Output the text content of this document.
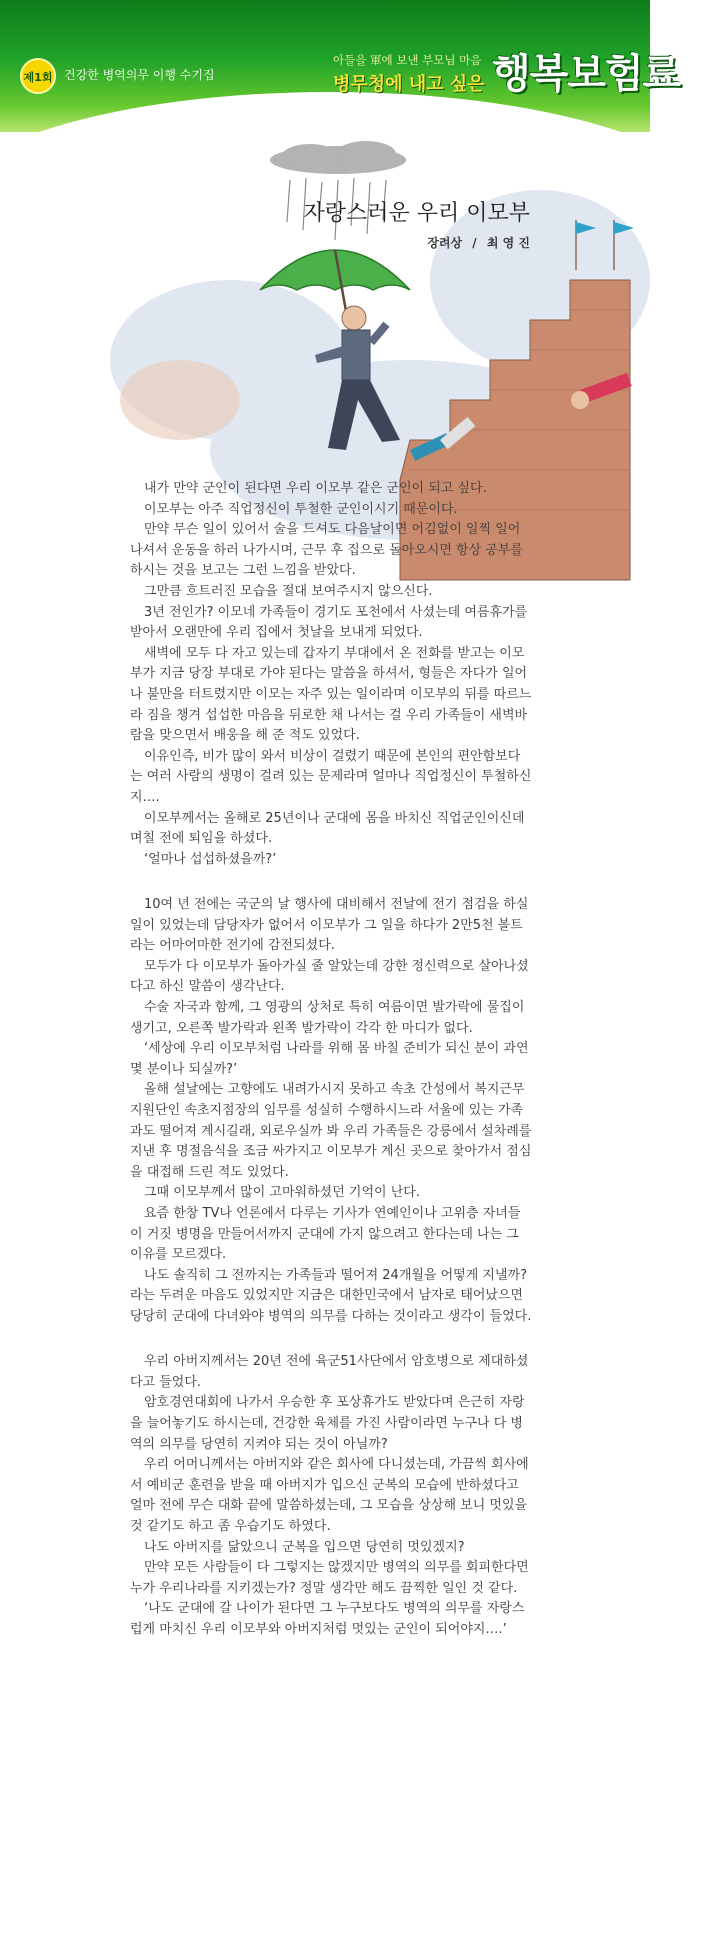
제1회 건강한 병역의무 이행 수기집
아들을 軍에 보낸 부모님 마음
병무청에 내고 싶은 행복보험료
자랑스러운 우리 이모부
장려상 / 최 영 진
내가 만약 군인이 된다면 우리 이모부 같은 군인이 되고 싶다.
이모부는 아주 직업정신이 투철한 군인이시기 때문이다.
만약 무슨 일이 있어서 술을 드셔도 다음날이면 어김없이 일찍 일어
나셔서 운동을 하러 나가시며, 근무 후 집으로 돌아오시면 항상 공부를
하시는 것을 보고는 그런 느낌을 받았다.
그만큼 흐트러진 모습을 절대 보여주시지 않으신다.
3년 전인가? 이모네 가족들이 경기도 포천에서 사셨는데 여름휴가를
받아서 오랜만에 우리 집에서 첫날을 보내게 되었다.
새벽에 모두 다 자고 있는데 갑자기 부대에서 온 전화를 받고는 이모
부가 지금 당장 부대로 가야 된다는 말씀을 하셔서, 형들은 자다가 일어
나 불만을 터트렸지만 이모는 자주 있는 일이라며 이모부의 뒤를 따르느
라 짐을 챙겨 섭섭한 마음을 뒤로한 채 나서는 걸 우리 가족들이 새벽바
람을 맞으면서 배웅을 해 준 적도 있었다.
이유인즉, 비가 많이 와서 비상이 걸렸기 때문에 본인의 편안함보다
는 여러 사람의 생명이 걸려 있는 문제라며 얼마나 직업정신이 투철하신
지….
이모부께서는 올해로 25년이나 군대에 몸을 바치신 직업군인이신데
며칠 전에 퇴임을 하셨다.
‘얼마나 섭섭하셨을까?’
10여 년 전에는 국군의 날 행사에 대비해서 전날에 전기 점검을 하실
일이 있었는데 담당자가 없어서 이모부가 그 일을 하다가 2만5천 볼트
라는 어마어마한 전기에 감전되셨다.
모두가 다 이모부가 돌아가실 줄 알았는데 강한 정신력으로 살아나셨
다고 하신 말씀이 생각난다.
수술 자국과 함께, 그 영광의 상처로 특히 여름이면 발가락에 물집이
생기고, 오른쪽 발가락과 왼쪽 발가락이 각각 한 마디가 없다.
‘세상에 우리 이모부처럼 나라를 위해 몸 바칠 준비가 되신 분이 과연
몇 분이나 되실까?’
올해 설날에는 고향에도 내려가시지 못하고 속초 간성에서 복지근무
지원단인 속초지점장의 임무를 성실히 수행하시느라 서울에 있는 가족
과도 떨어져 계시길래, 외로우실까 봐 우리 가족들은 강릉에서 설차례를
지낸 후 명절음식을 조금 싸가지고 이모부가 계신 곳으로 찾아가서 점심
을 대접해 드린 적도 있었다.
그때 이모부께서 많이 고마워하셨던 기억이 난다.
요즘 한창 TV나 언론에서 다루는 기사가 연예인이나 고위층 자녀들
이 거짓 병명을 만들어서까지 군대에 가지 않으려고 한다는데 나는 그
이유를 모르겠다.
나도 솔직히 그 전까지는 가족들과 떨어져 24개월을 어떻게 지낼까?
라는 두려운 마음도 있었지만 지금은 대한민국에서 남자로 태어났으면
당당히 군대에 다녀와야 병역의 의무를 다하는 것이라고 생각이 들었다.
우리 아버지께서는 20년 전에 육군51사단에서 암호병으로 제대하셨
다고 들었다.
암호경연대회에 나가서 우승한 후 포상휴가도 받았다며 은근히 자랑
을 늘어놓기도 하시는데, 건강한 육체를 가진 사람이라면 누구나 다 병
역의 의무를 당연히 지켜야 되는 것이 아닐까?
우리 어머니께서는 아버지와 같은 회사에 다니셨는데, 가끔씩 회사에
서 예비군 훈련을 받을 때 아버지가 입으신 군복의 모습에 반하셨다고
얼마 전에 무슨 대화 끝에 말씀하셨는데, 그 모습을 상상해 보니 멋있을
것 같기도 하고 좀 우습기도 하였다.
나도 아버지를 닮았으니 군복을 입으면 당연히 멋있겠지?
만약 모든 사람들이 다 그렇지는 않겠지만 병역의 의무를 회피한다면
누가 우리나라를 지키겠는가? 정말 생각만 해도 끔찍한 일인 것 같다.
‘나도 군대에 갈 나이가 된다면 그 누구보다도 병역의 의무를 자랑스
럽게 마치신 우리 이모부와 아버지처럼 멋있는 군인이 되어야지….’
